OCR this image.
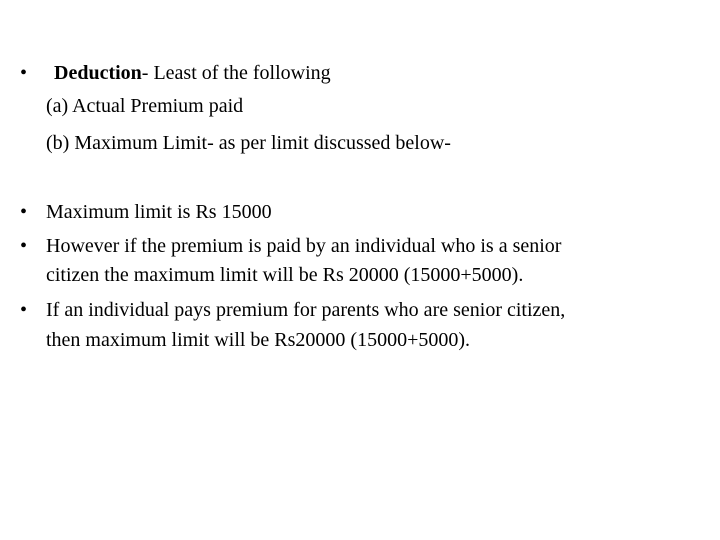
• Deduction- Least of the following
(a) Actual Premium paid
(b) Maximum Limit- as per limit discussed below-
• Maximum limit is Rs 15000
• However if the premium is paid by an individual who is a senior
citizen the maximum limit will be Rs 20000 (15000+5000).
• If an individual pays premium for parents who are senior citizen,
then maximum limit will be Rs20000 (15000+5000).
